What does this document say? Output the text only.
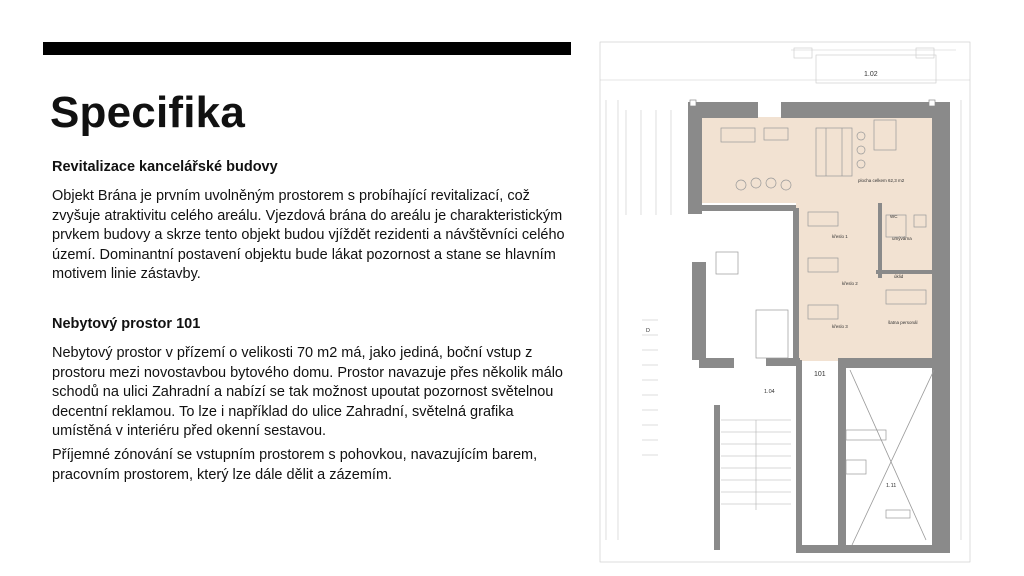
Specifika
Revitalizace kancelářské budovy

Objekt Brána je prvním uvolněným prostorem s probíhající revitalizací, což zvyšuje atraktivitu celého areálu. Vjezdová brána do areálu je charakteristickým prvkem budovy a skrze tento objekt budou vjíždět rezidenti a návštěvníci celého území. Dominantní postavení objektu bude lákat pozornost a stane se hlavním motivem linie zástavby.

Nebytový prostor 101

Nebytový prostor v přízemí o velikosti 70 m2 má, jako jediná, boční vstup z prostoru mezi novostavbou bytového domu. Prostor navazuje přes několik málo schodů na ulici Zahradní a nabízí se tak možnost upoutat pozornost světelnou decentní reklamou. To lze i například do ulice Zahradní, světelná grafika umístěná v interiéru před okenní sestavou.

Příjemné zónování se vstupním prostorem s pohovkou, navazujícím barem, pracovním prostorem, který lze dále dělit a zázemím.

1.02
plocha celkem 62,3 m2
křeslo 1
křeslo 2
křeslo 3
WC
umývárna
úklid
šatna personál
101
1.04
1.11
D
